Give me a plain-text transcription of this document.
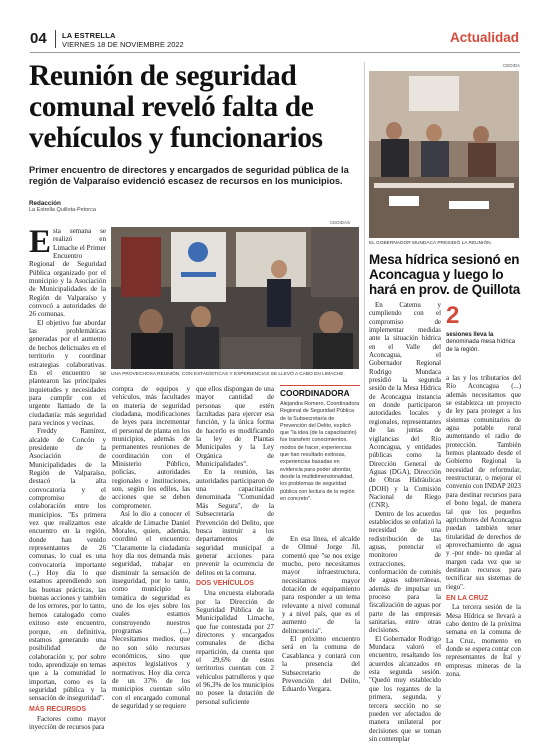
04 LA ESTRELLA
VIERNES 18 DE NOVIEMBRE 2022	Actualidad
Reunión de seguridad
comunal reveló falta de
vehículos y funcionarios
Primer encuentro de directores y encargados de seguridad pública de la región de Valparaíso evidenció escasez de recursos en los municipios.
Redacción
La Estrella Quillota-Petorca
CEDIDAS
UNA PROVECHOSA REUNIÓN, CON ESTADÍSTICAS Y EXPERIENCIAS SE LLEVÓ A CABO EN LIMACHE.
E sta semana se realizó en Limache el Primer Encuentro Regional de Seguridad Pública organizado por el municipio y la Asociación de Municipalidades de la Región de Valparaíso y convocó a autoridades de 26 comunas.

El objetivo fue abordar las problemáticas generadas por el aumento de hechos delictuales en el territorio y coordinar estrategias colaborativas. En el encuentro se plantearon las principales inquietudes y necesidades para cumplir con el urgente llamado de la ciudadanía: más seguridad para vecinos y vecinas.

Freddy Ramírez, alcalde de Concón y presidente de la Asociación de Municipalidades de la Región de Valparaíso, destacó la alta convocatoria y el compromiso de colaboración entre los municipios. "Es primera vez que realizamos este encuentro en la región, donde han venido representantes de 26 comunas, lo cual es una convocatoria importante (...) Hoy día lo que estamos aprendiendo son las buenas prácticas, las buenas acciones y también de los errores, por lo tanto, hemos catalogado como exitoso este encuentro, porque, en definitiva, estamos generando una posibilidad de colaboración y, por sobre todo, aprendizaje en temas que a la comunidad le importan, como es la seguridad pública y la sensación de inseguridad".

MÁS RECURSOS

Factores como mayor inyección de recursos para

compra de equipos y vehículos, más facultades en materia de seguridad ciudadana, modificaciones de leyes para incrementar el personal de planta en los municipios, además de permanentes reuniones de coordinación con el Ministerio Público, policías, autoridades regionales e instituciones, son, según los ediles, las acciones que se deben comprometer.

Así lo dio a conocer el alcalde de Limache Daniel Morales, quien, además, coordinó el encuentro: "Claramente la ciudadanía hoy día nos demanda más seguridad, trabajar en disminuir la sensación de inseguridad, por lo tanto, como municipio la temática de seguridad es uno de los ejes sobre los cuales estamos construyendo nuestros programas (...) Necesitamos medios, que no son sólo recursos económicos, sino que aspectos legislativos y normativos. Hoy día cerca de un 37% de los municipios cuentan sólo con el encargado comunal de seguridad y se requiere

que ellos dispongan de una mayor cantidad de personas que estén facultadas para ejercer esa función, y la única forma de hacerlo es modificando la ley de Plantas Municipales y la Ley Orgánica de Municipalidades".

En la reunión, las autoridades participaron de una capacitación denominada "Comunidad Más Segura", de la Subsecretaría de Prevención del Delito, que busca instruir a los departamentos de seguridad municipal a generar acciones para prevenir la ocurrencia de delitos en la comuna.

DOS VEHÍCULOS

Una encuesta elaborada por la Dirección de Seguridad Pública de la Municipalidad Limache, que fue contestada por 27 directores y encargados comunales de dicha repartición, da cuenta que el 29,6% de estos territorios cuentan con 2 vehículos patrulleros y que el 96,3% de los municipios no posee la dotación de personal suficiente

COORDINADORA
Alejandra Romero, Coordinadora Regional de Seguridad Pública de la Subsecretaría de Prevención del Delito, explicó que "la idea (de la capacitación) fue transferir conocimientos, modos de hacer, experiencias que han resultado exitosas, experiencias basadas en evidencia para poder abordar, desde la multidimensionalidad, los problemas de seguridad pública con lectura de la región en concreto".

En esa línea, el alcalde de Olmué Jorge Jil, comentó que "se nos exige mucho, pero necesitamos mayor infraestructura, necesitamos mayor dotación de equipamiento para responder a un tema relevante a nivel comunal y a nivel país, que es el aumento de la delincuencia".

El próximo encuentro será en la comuna de Casablanca y contará con la presencia del Subsecretario de Prevención del Delito, Eduardo Vergara.

CEDIDA
EL GOBERNADOR MUNDACA PRESIDIÓ LA REUNIÓN.
Mesa hídrica sesionó en
Aconcagua y luego lo
hará en prov. de Quillota

En Catemu y cumpliendo con el compromiso de implementar medidas ante la situación hídrica en el Valle del Aconcagua, el Gobernador Regional Rodrigo Mundaca presidió la segunda sesión de la Mesa Hídrica de Aconcagua instancia en donde participaron autoridades locales y regionales, representantes de las juntas de vigilancias del Río Aconcagua, y entidades públicas como la Dirección General de Aguas (DGA), Dirección de Obras Hidráulicas (DOH) y la Comisión Nacional de Riego (CNR).

Dentro de los acuerdos establecidos se enfatizó la necesidad de una redistribución de las aguas, potenciar el monitoreo de extracciones, conformación de comités de aguas subterráneas, además de impulsar un proceso para la fiscalización de aguas por parte de las empresas sanitarias, entre otras decisiones.

El Gobernador Rodrigo Mundaca valoró el encuentro, resaltando los acuerdos alcanzados en esta segunda sesión. "Quedó muy establecido que los regantes de la primera, segunda, y tercera sección no se pueden ver afectados de manera unilateral por decisiones que se toman sin contemplar

2
sesiones lleva la denominada mesa hídrica de la región.

a las y los tributarios del Río Aconcagua (...) además necesitamos que se establezca un proyecto de ley para proteger a los sistemas comunitarios de agua potable rural aumentando el radio de protección. También hemos planteado desde el Gobierno Regional la necesidad de reformular, reestructurar, o mejorar el convenio con INDAP 2023 para destinar recursos para el bono legal, de manera tal que los pequeños agricultores del Aconcagua puedan también tener titularidad de derechos de aprovechamiento de agua y -por ende- no quedar al margen cada vez que se destinan recursos para tecnificar sus sistemas de riego".

EN LA CRUZ

La tercera sesión de la Mesa Hídrica se llevará a cabo dentro de la próxima semana en la comuna de La Cruz, momento en donde se espera contar con representantes de Ítal y empresas mineras de la zona.
